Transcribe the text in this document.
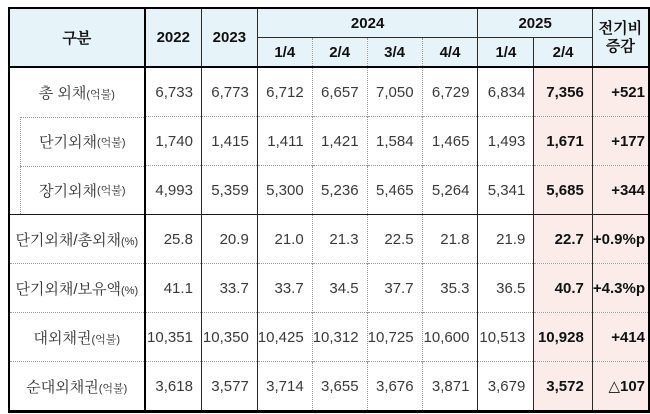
구분	2022	2023	2024				2025		전기비
증감

			1/4	2/4	3/4	4/4	1/4	2/4	
총 외채(억불)	6,733	6,773	6,712	6,657	7,050	6,729	6,834	7,356	+521

단기외채 (억불)	1,740	1,415	1,411	1,421	1,584	1,465	1,493	1,671	+177

장기외채 (억불)	4,993	5,359	5,300	5,236	5,465	5,264	5,341	5,685	+344
단기외채/총외채(%)	25.8	20.9	21.0	21.3	22.5	21.8	21.9	22.7	+0.9%p
단기외채/보유액(%)	41.1	33.7	33.7	34.5	37.7	35.3	36.5	40.7	+4.3%p
대외채권(억불)	10,351	10,350	10,425	10,312	10,725	10,600	10,513	10,928	+414
순대외채권(억불)	3,618	3,577	3,714	3,655	3,676	3,871	3,679	3,572	△107
